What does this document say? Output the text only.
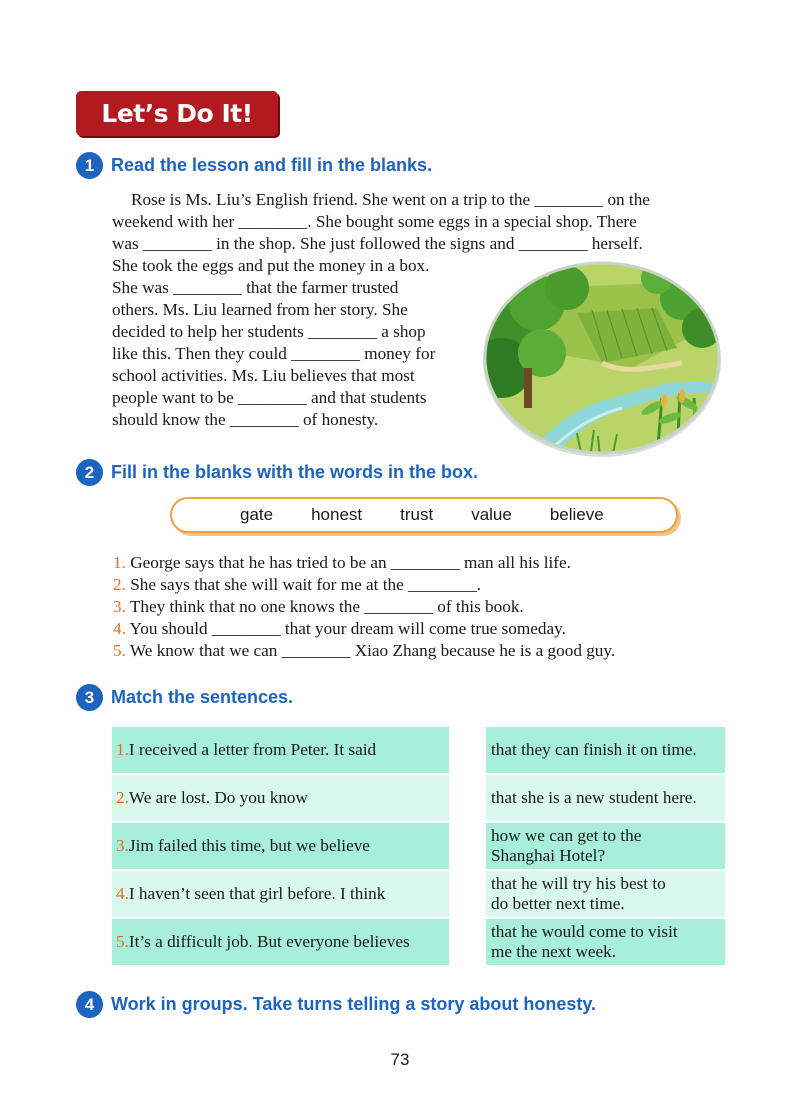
Let’s Do It!
1 Read the lesson and fill in the blanks.
Rose is Ms. Liu’s English friend. She went on a trip to the ________ on the
weekend with her ________. She bought some eggs in a special shop. There
was ________ in the shop. She just followed the signs and ________ herself.
She took the eggs and put the money in a box.
She was ________ that the farmer trusted
others. Ms. Liu learned from her story. She
decided to help her students ________ a shop
like this. Then they could ________ money for
school activities. Ms. Liu believes that most
people want to be ________ and that students
should know the ________ of honesty.
2 Fill in the blanks with the words in the box.
gate honest trust value believe
1. George says that he has tried to be an ________ man all his life.
2. She says that she will wait for me at the ________.
3. They think that no one knows the ________ of this book.
4. You should ________ that your dream will come true someday.
5. We know that we can ________ Xiao Zhang because he is a good guy.
3 Match the sentences.
1. I received a letter from Peter. It said
2. We are lost. Do you know
3. Jim failed this time, but we believe
4. I haven’t seen that girl before. I think
5. It’s a difficult job. But everyone believes
that they can finish it on time.
that she is a new student here.
how we can get to the
Shanghai Hotel?
that he will try his best to
do better next time.
that he would come to visit
me the next week.
4 Work in groups. Take turns telling a story about honesty.
73
